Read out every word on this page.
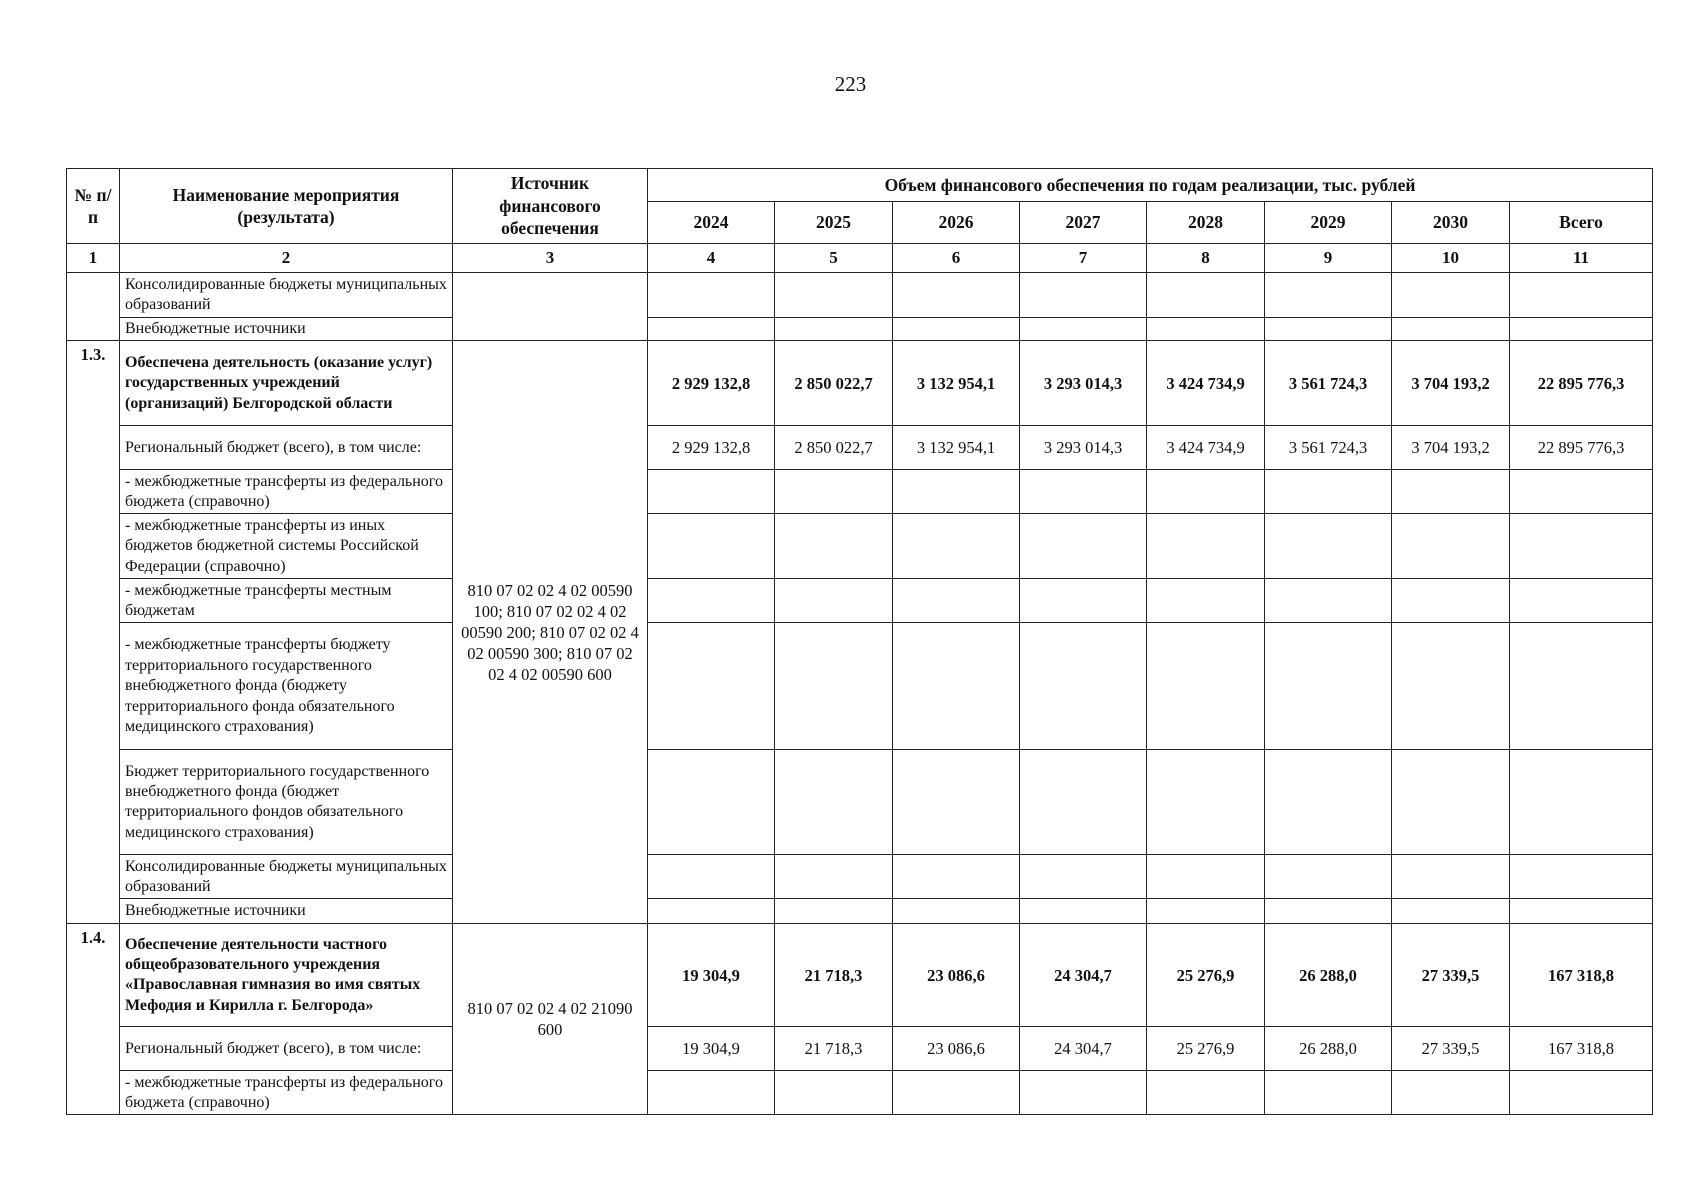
223
№ п/п	Наименование мероприятия (результата)	Источник финансового обеспечения	Объем финансового обеспечения по годам реализации, тыс. рублей							
			2024	2025	2026	2027	2028	2029	2030	Всего
1	2	3	4	5	6	7	8	9	10	11
	Консолидированные бюджеты муниципальных образований									
	Внебюджетные источники									
1.3.	Обеспечена деятельность (оказание услуг) государственных учреждений (организаций) Белгородской области	810 07 02 02 4 02 00590 100; 810 07 02 02 4 02 00590 200; 810 07 02 02 4 02 00590 300; 810 07 02 02 4 02 00590 600	2 929 132,8	2 850 022,7	3 132 954,1	3 293 014,3	3 424 734,9	3 561 724,3	3 704 193,2	22 895 776,3
	Региональный бюджет (всего), в том числе:		2 929 132,8	2 850 022,7	3 132 954,1	3 293 014,3	3 424 734,9	3 561 724,3	3 704 193,2	22 895 776,3
	- межбюджетные трансферты из федерального бюджета (справочно)									
	- межбюджетные трансферты из иных бюджетов бюджетной системы Российской Федерации (справочно)									
	- межбюджетные трансферты местным бюджетам									
	- межбюджетные трансферты бюджету территориального государственного внебюджетного фонда (бюджету территориального фонда обязательного медицинского страхования)									
	Бюджет территориального государственного внебюджетного фонда (бюджет территориального фондов обязательного медицинского страхования)									
	Консолидированные бюджеты муниципальных образований									
	Внебюджетные источники									
1.4.	Обеспечение деятельности частного общеобразовательного учреждения «Православная гимназия во имя святых Мефодия и Кирилла г. Белгорода»	810 07 02 02 4 02 21090 600	19 304,9	21 718,3	23 086,6	24 304,7	25 276,9	26 288,0	27 339,5	167 318,8
	Региональный бюджет (всего), в том числе:		19 304,9	21 718,3	23 086,6	24 304,7	25 276,9	26 288,0	27 339,5	167 318,8
	- межбюджетные трансферты из федерального бюджета (справочно)									
